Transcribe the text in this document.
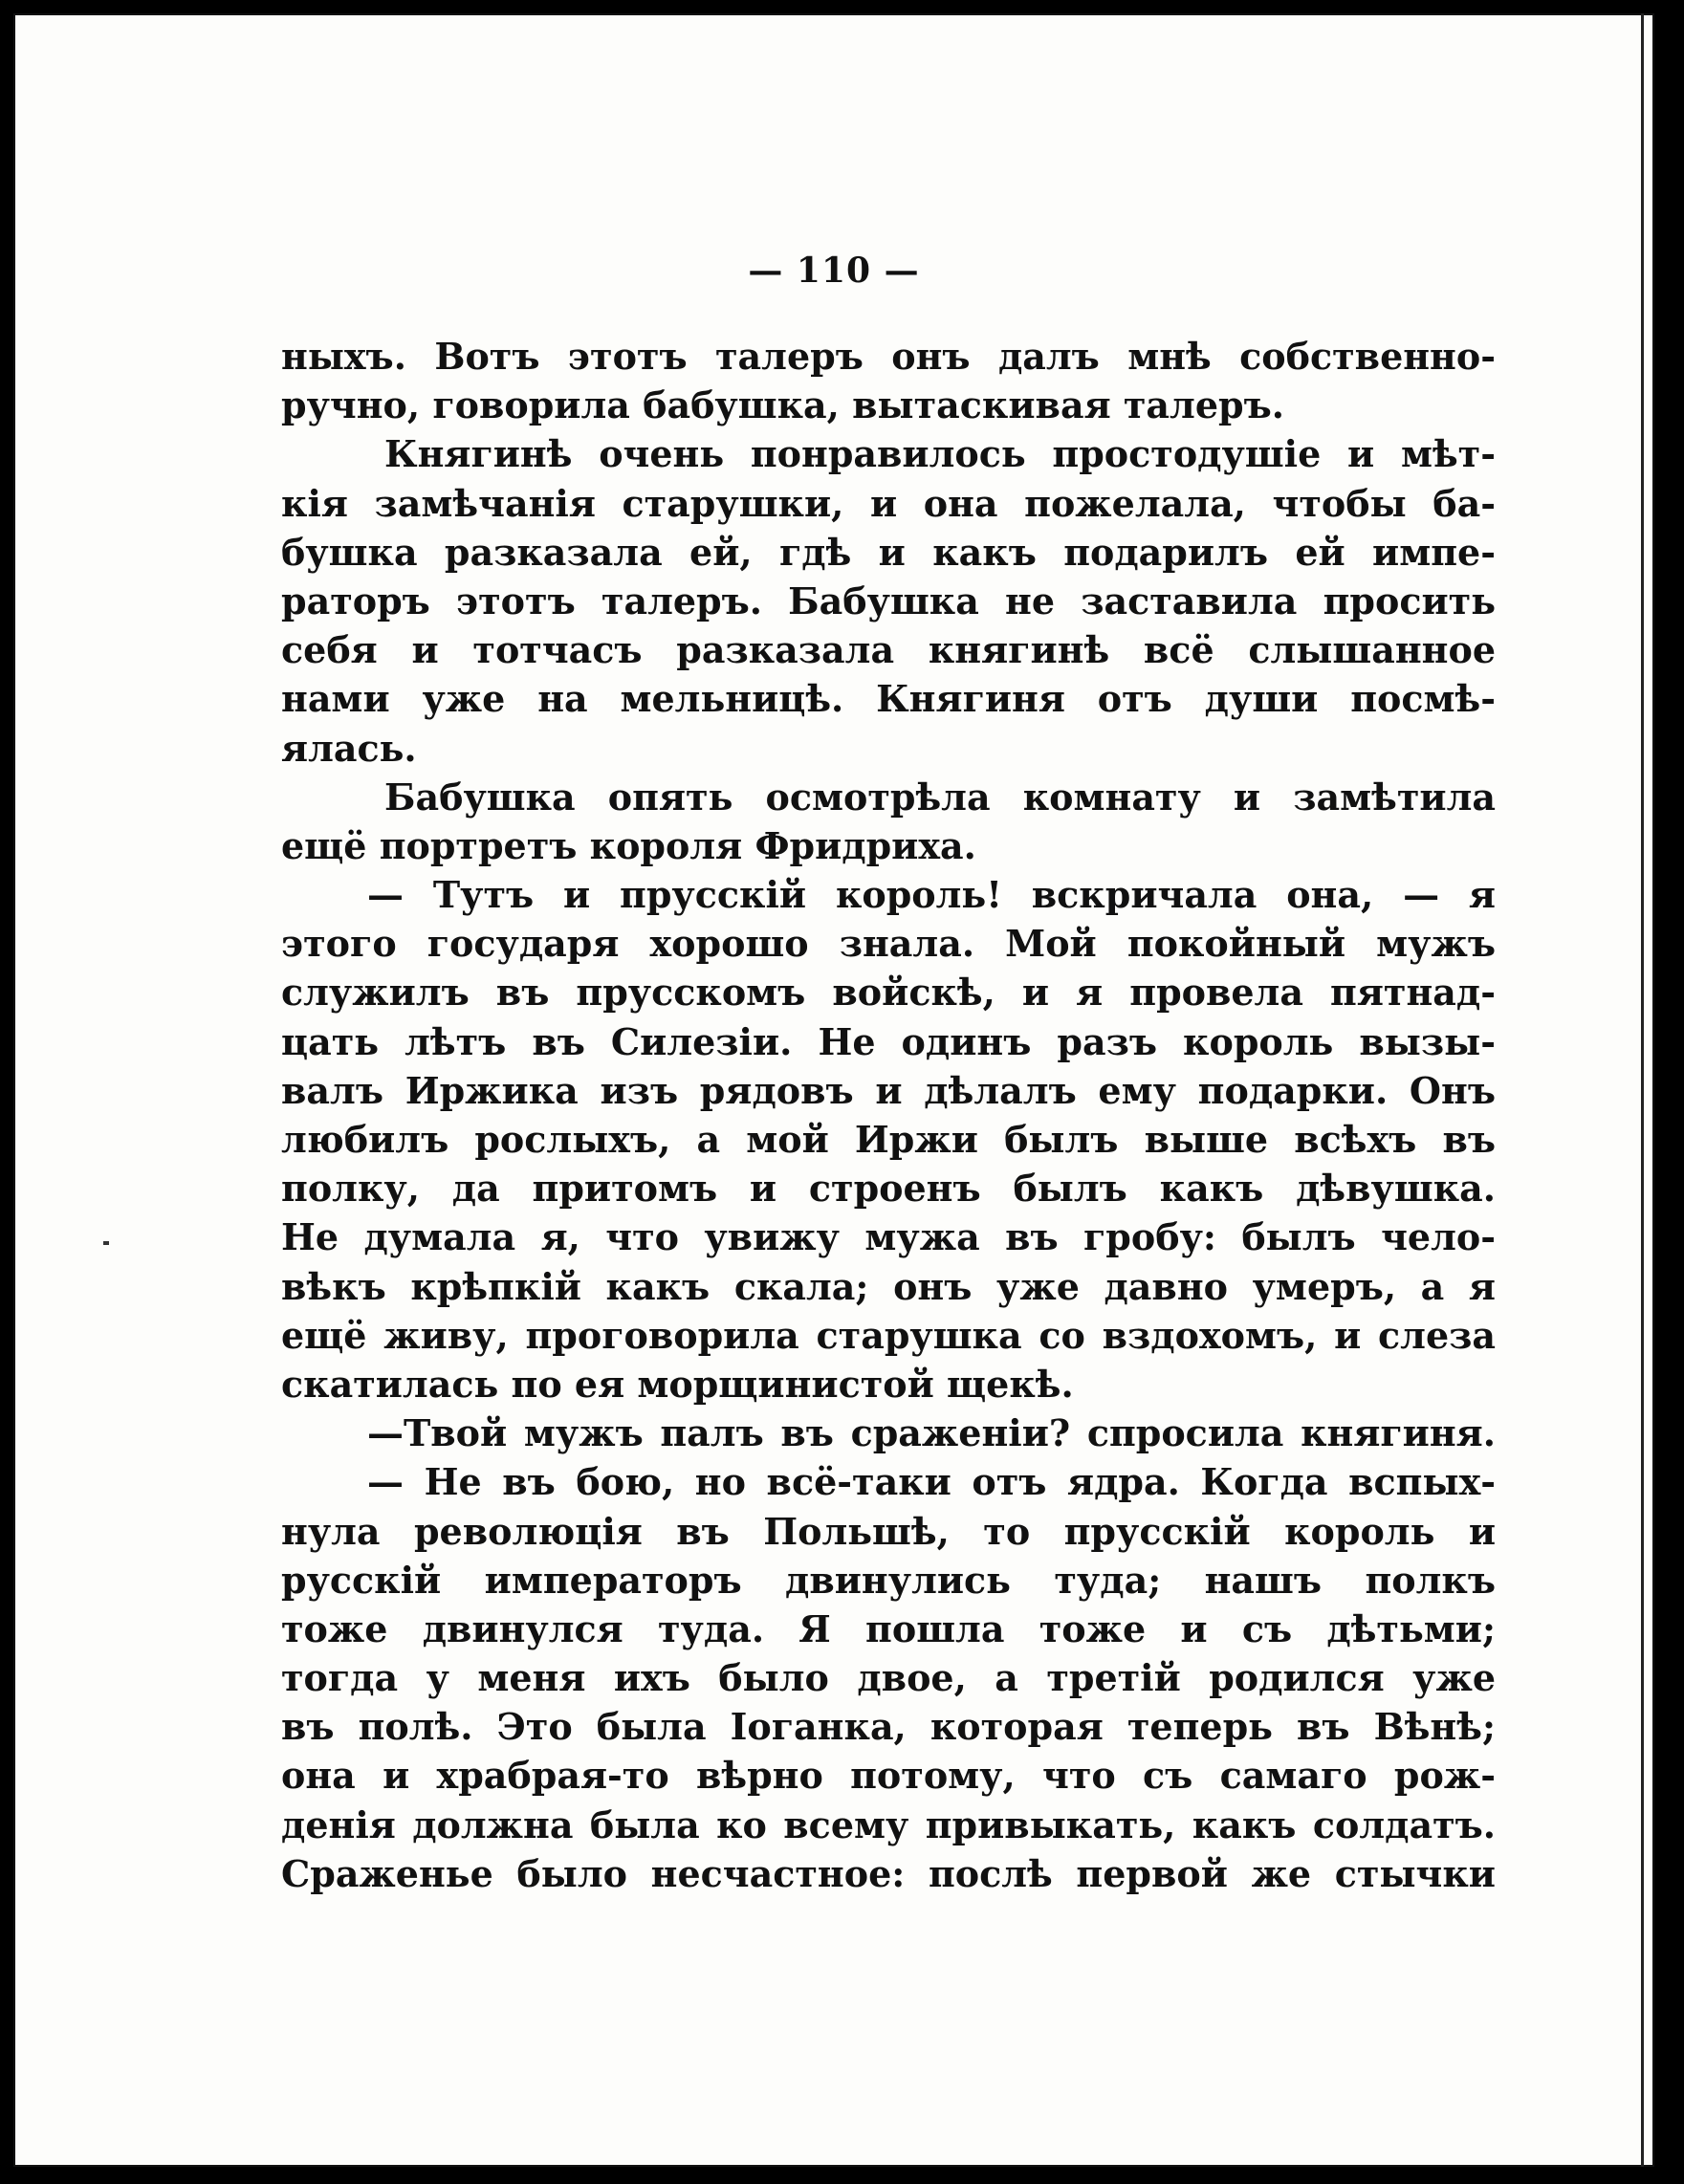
— 110 —
ныхъ. Вотъ этотъ талеръ онъ далъ мнѣ собственно-
ручно, говорила бабушка, вытаскивая талеръ.
Княгинѣ очень понравилось простодушіе и мѣт-
кія замѣчанія старушки, и она пожелала, чтобы ба-
бушка разказала ей, гдѣ и какъ подарилъ ей импе-
раторъ этотъ талеръ. Бабушка не заставила просить
себя и тотчасъ разказала княгинѣ всё слышанное
нами уже на мельницѣ. Княгиня отъ души посмѣ-
ялась.
Бабушка опять осмотрѣла комнату и замѣтила
ещё портретъ короля Фридриха.
— Тутъ и прусскій король! вскричала она, — я
этого государя хорошо знала. Мой покойный мужъ
служилъ въ прусскомъ войскѣ, и я провела пятнад-
цать лѣтъ въ Силезіи. Не одинъ разъ король вызы-
валъ Иржика изъ рядовъ и дѣлалъ ему подарки. Онъ
любилъ рослыхъ, а мой Иржи былъ выше всѣхъ въ
полку, да притомъ и строенъ былъ какъ дѣвушка.
Не думала я, что увижу мужа въ гробу: былъ чело-
вѣкъ крѣпкій какъ скала; онъ уже давно умеръ, а я
ещё живу, проговорила старушка со вздохомъ, и слеза
скатилась по ея морщинистой щекѣ.
—Твой мужъ палъ въ сраженіи? спросила княгиня.
— Не въ бою, но всё-таки отъ ядра. Когда вспых-
нула революція въ Польшѣ, то прусскій король и
русскій императоръ двинулись туда; нашъ полкъ
тоже двинулся туда. Я пошла тоже и съ дѣтьми;
тогда у меня ихъ было двое, а третій родился уже
въ полѣ. Это была Іоганка, которая теперь въ Вѣнѣ;
она и храбрая-то вѣрно потому, что съ самаго рож-
денія должна была ко всему привыкать, какъ солдатъ.
Сраженье было несчастное: послѣ первой же стычки
